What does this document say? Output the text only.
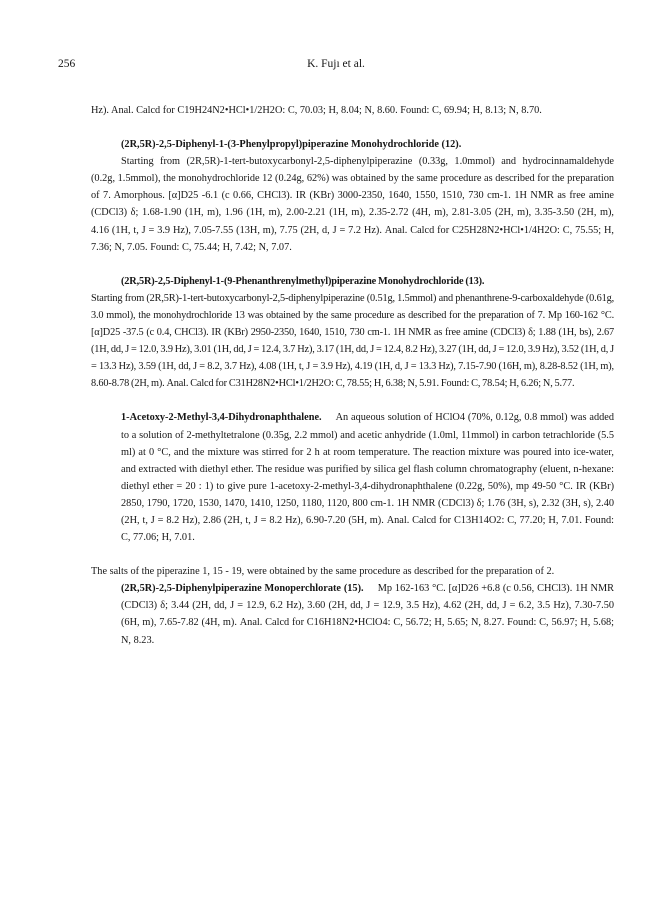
256	K. Fujı et al.

Hz). Anal. Calcd for C19H24N2•HCl•1/2H2O: C, 70.03; H, 8.04; N, 8.60. Found: C, 69.94; H, 8.13; N, 8.70.

(2R,5R)-2,5-Diphenyl-1-(3-Phenylpropyl)piperazine Monohydrochloride (12).
Starting from (2R,5R)-1-tert-butoxycarbonyl-2,5-diphenylpiperazine (0.33g, 1.0mmol) and hydrocinnamaldehyde (0.2g, 1.5mmol), the monohydrochloride 12 (0.24g, 62%) was obtained by the same procedure as described for the preparation of 7. Amorphous. [α]D25 -6.1 (c 0.66, CHCl3). IR (KBr) 3000-2350, 1640, 1550, 1510, 730 cm-1. 1H NMR as free amine (CDCl3) δ; 1.68-1.90 (1H, m), 1.96 (1H, m), 2.00-2.21 (1H, m), 2.35-2.72 (4H, m), 2.81-3.05 (2H, m), 3.35-3.50 (2H, m), 4.16 (1H, t, J = 3.9 Hz), 7.05-7.55 (13H, m), 7.75 (2H, d, J = 7.2 Hz). Anal. Calcd for C25H28N2•HCl•1/4H2O: C, 75.55; H, 7.36; N, 7.05. Found: C, 75.44; H, 7.42; N, 7.07.

(2R,5R)-2,5-Diphenyl-1-(9-Phenanthrenylmethyl)piperazine Monohydrochloride (13).
Starting from (2R,5R)-1-tert-butoxycarbonyl-2,5-diphenylpiperazine (0.51g, 1.5mmol) and phenanthrene-9-carboxaldehyde (0.61g, 3.0 mmol), the monohydrochloride 13 was obtained by the same procedure as described for the preparation of 7. Mp 160-162 °C. [α]D25 -37.5 (c 0.4, CHCl3). IR (KBr) 2950-2350, 1640, 1510, 730 cm-1. 1H NMR as free amine (CDCl3) δ; 1.88 (1H, bs), 2.67 (1H, dd, J = 12.0, 3.9 Hz), 3.01 (1H, dd, J = 12.4, 3.7 Hz), 3.17 (1H, dd, J = 12.4, 8.2 Hz), 3.27 (1H, dd, J = 12.0, 3.9 Hz), 3.52 (1H, d, J = 13.3 Hz), 3.59 (1H, dd, J = 8.2, 3.7 Hz), 4.08 (1H, t, J = 3.9 Hz), 4.19 (1H, d, J = 13.3 Hz), 7.15-7.90 (16H, m), 8.28-8.52 (1H, m), 8.60-8.78 (2H, m). Anal. Calcd for C31H28N2•HCl•1/2H2O: C, 78.55; H, 6.38; N, 5.91. Found: C, 78.54; H, 6.26; N, 5.77.

1-Acetoxy-2-Methyl-3,4-Dihydronaphthalene. An aqueous solution of HClO4 (70%, 0.12g, 0.8 mmol) was added to a solution of 2-methyltetralone (0.35g, 2.2 mmol) and acetic anhydride (1.0ml, 11mmol) in carbon tetrachloride (5.5 ml) at 0 °C, and the mixture was stirred for 2 h at room temperature. The reaction mixture was poured into ice-water, and extracted with diethyl ether. The residue was purified by silica gel flash column chromatography (eluent, n-hexane: diethyl ether = 20 : 1) to give pure 1-acetoxy-2-methyl-3,4-dihydronaphthalene (0.22g, 50%), mp 49-50 °C. IR (KBr) 2850, 1790, 1720, 1530, 1470, 1410, 1250, 1180, 1120, 800 cm-1. 1H NMR (CDCl3) δ; 1.76 (3H, s), 2.32 (3H, s), 2.40 (2H, t, J = 8.2 Hz), 2.86 (2H, t, J = 8.2 Hz), 6.90-7.20 (5H, m). Anal. Calcd for C13H14O2: C, 77.20; H, 7.01. Found: C, 77.06; H, 7.01.

The salts of the piperazine 1, 15 - 19, were obtained by the same procedure as described for the preparation of 2.

(2R,5R)-2,5-Diphenylpiperazine Monoperchlorate (15). Mp 162-163 °C. [α]D26 +6.8 (c 0.56, CHCl3). 1H NMR (CDCl3) δ; 3.44 (2H, dd, J = 12.9, 6.2 Hz), 3.60 (2H, dd, J = 12.9, 3.5 Hz), 4.62 (2H, dd, J = 6.2, 3.5 Hz), 7.30-7.50 (6H, m), 7.65-7.82 (4H, m). Anal. Calcd for C16H18N2•HClO4: C, 56.72; H, 5.65; N, 8.27. Found: C, 56.97; H, 5.68; N, 8.23.
